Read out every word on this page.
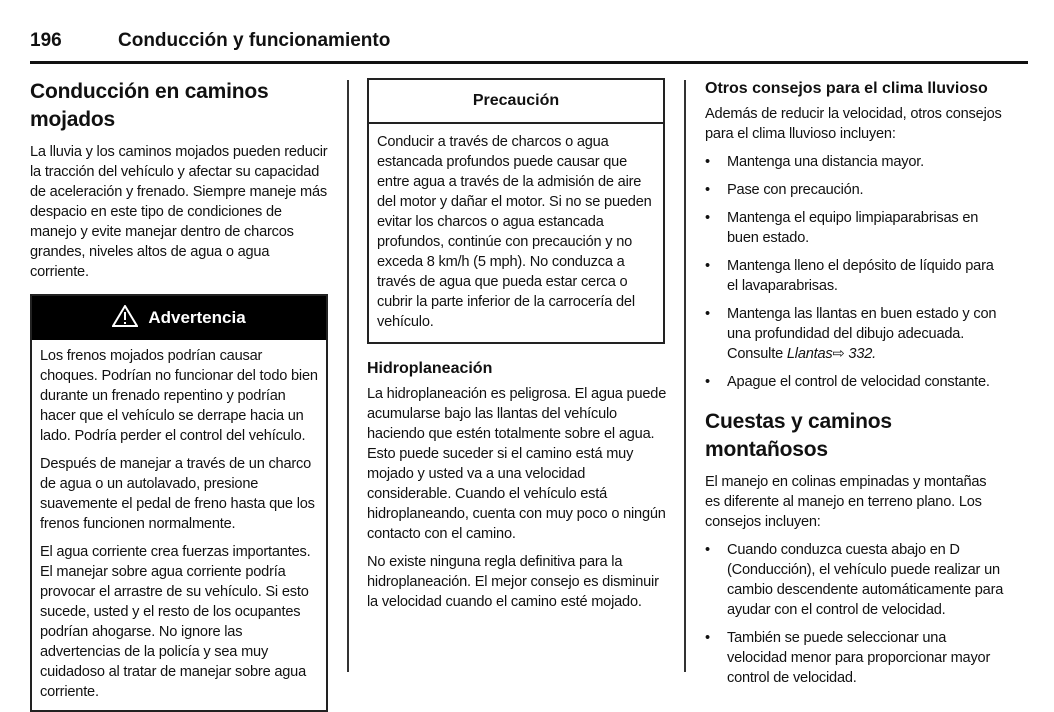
196	Conducción y funcionamiento
Conducción en caminos mojados

La lluvia y los caminos mojados pueden reducir la tracción del vehículo y afectar su capacidad de aceleración y frenado. Siempre maneje más despacio en este tipo de condiciones de manejo y evite manejar dentro de charcos grandes, niveles altos de agua o agua corriente.

Advertencia

Los frenos mojados podrían causar choques. Podrían no funcionar del todo bien durante un frenado repentino y podrían hacer que el vehículo se derrape hacia un lado. Podría perder el control del vehículo.

Después de manejar a través de un charco de agua o un autolavado, presione suavemente el pedal de freno hasta que los frenos funcionen normalmente.

El agua corriente crea fuerzas importantes. El manejar sobre agua corriente podría provocar el arrastre de su vehículo. Si esto sucede, usted y el resto de los ocupantes podrían ahogarse. No ignore las advertencias de la policía y sea muy cuidadoso al tratar de manejar sobre agua corriente.

Precaución

Conducir a través de charcos o agua estancada profundos puede causar que entre agua a través de la admisión de aire del motor y dañar el motor. Si no se pueden evitar los charcos o agua estancada profundos, continúe con precaución y no exceda 8 km/h (5 mph). No conduzca a través de agua que pueda estar cerca o cubrir la parte inferior de la carrocería del vehículo.

Hidroplaneación

La hidroplaneación es peligrosa. El agua puede acumularse bajo las llantas del vehículo haciendo que estén totalmente sobre el agua. Esto puede suceder si el camino está muy mojado y usted va a una velocidad considerable. Cuando el vehículo está hidroplaneando, cuenta con muy poco o ningún contacto con el camino.

No existe ninguna regla definitiva para la hidroplaneación. El mejor consejo es disminuir la velocidad cuando el camino esté mojado.

Otros consejos para el clima lluvioso

Además de reducir la velocidad, otros consejos para el clima lluvioso incluyen:

• Mantenga una distancia mayor.
• Pase con precaución.
• Mantenga el equipo limpiaparabrisas en buen estado.
• Mantenga lleno el depósito de líquido para el lavaparabrisas.
• Mantenga las llantas en buen estado y con una profundidad del dibujo adecuada. Consulte Llantas⇨ 332.
• Apague el control de velocidad constante.
Cuestas y caminos montañosos

El manejo en colinas empinadas y montañas es diferente al manejo en terreno plano. Los consejos incluyen:

• Cuando conduzca cuesta abajo en D (Conducción), el vehículo puede realizar un cambio descendente automáticamente para ayudar con el control de velocidad.
• También se puede seleccionar una velocidad menor para proporcionar mayor control de velocidad.
